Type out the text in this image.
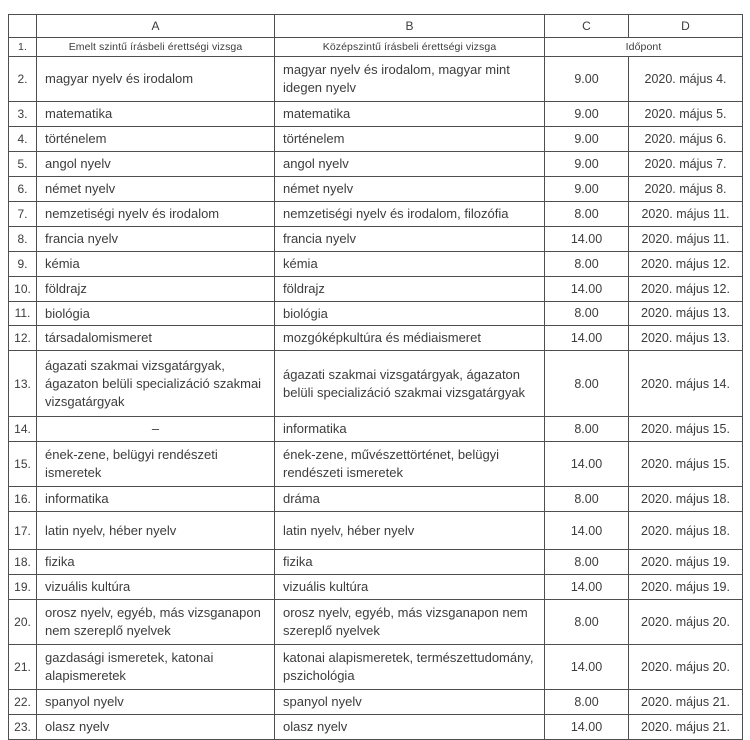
	A	B	C	D
1.	Emelt szintű írásbeli érettségi vizsga	Középszintű írásbeli érettségi vizsga	Időpont	
2.	magyar nyelv és irodalom	magyar nyelv és irodalom, magyar mint idegen nyelv	9.00	2020. május 4.
3.	matematika	matematika	9.00	2020. május 5.
4.	történelem	történelem	9.00	2020. május 6.
5.	angol nyelv	angol nyelv	9.00	2020. május 7.
6.	német nyelv	német nyelv	9.00	2020. május 8.
7.	nemzetiségi nyelv és irodalom	nemzetiségi nyelv és irodalom, filozófia	8.00	2020. május 11.
8.	francia nyelv	francia nyelv	14.00	2020. május 11.
9.	kémia	kémia	8.00	2020. május 12.
10.	földrajz	földrajz	14.00	2020. május 12.
11.	biológia	biológia	8.00	2020. május 13.
12.	társadalomismeret	mozgóképkultúra és médiaismeret	14.00	2020. május 13.
13.	ágazati szakmai vizsgatárgyak, ágazaton belüli specializáció szakmai vizsgatárgyak	ágazati szakmai vizsgatárgyak, ágazaton belüli specializáció szakmai vizsgatárgyak	8.00	2020. május 14.
14.	–	informatika	8.00	2020. május 15.
15.	ének-zene, belügyi rendészeti ismeretek	ének-zene, művészettörténet, belügyi rendészeti ismeretek	14.00	2020. május 15.
16.	informatika	dráma	8.00	2020. május 18.
17.	latin nyelv, héber nyelv	latin nyelv, héber nyelv	14.00	2020. május 18.
18.	fizika	fizika	8.00	2020. május 19.
19.	vizuális kultúra	vizuális kultúra	14.00	2020. május 19.
20.	orosz nyelv, egyéb, más vizsganapon nem szereplő nyelvek	orosz nyelv, egyéb, más vizsganapon nem szereplő nyelvek	8.00	2020. május 20.
21.	gazdasági ismeretek, katonai alapismeretek	katonai alapismeretek, természettudomány, pszichológia	14.00	2020. május 20.
22.	spanyol nyelv	spanyol nyelv	8.00	2020. május 21.
23.	olasz nyelv	olasz nyelv	14.00	2020. május 21.
